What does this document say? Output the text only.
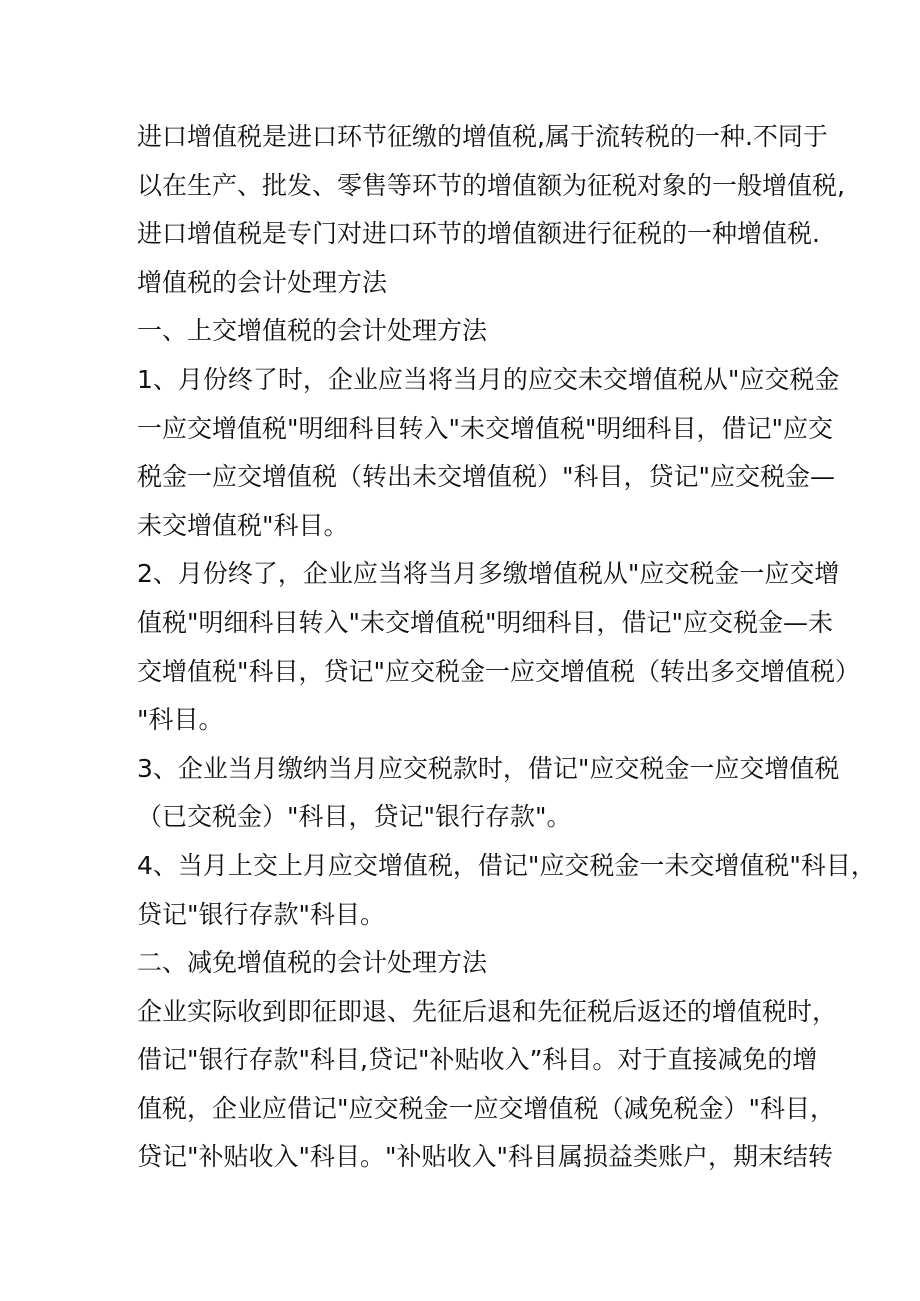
进口增值税是进口环节征缴的增值税,属于流转税的一种.不同于
以在生产、批发、零售等环节的增值额为征税对象的一般增值税,
进口增值税是专门对进口环节的增值额进行征税的一种增值税.
增值税的会计处理方法
一、上交增值税的会计处理方法
1、月份终了时，企业应当将当月的应交未交增值税从"应交税金
一应交增值税"明细科目转入"未交增值税"明细科目，借记"应交
税金一应交增值税（转出未交增值税）"科目，贷记"应交税金—
未交增值税"科目。
2、月份终了，企业应当将当月多缴增值税从"应交税金一应交增
值税"明细科目转入"未交增值税"明细科目，借记"应交税金—未
交增值税"科目，贷记"应交税金一应交增值税（转出多交增值税）
"科目。
3、企业当月缴纳当月应交税款时，借记"应交税金一应交增值税
（已交税金）"科目，贷记"银行存款"。
4、当月上交上月应交增值税，借记"应交税金一未交增值税"科目，
贷记"银行存款"科目。
二、减免增值税的会计处理方法
企业实际收到即征即退、先征后退和先征税后返还的增值税时，
借记"银行存款"科目,贷记"补贴收入”科目。对于直接减免的增
值税，企业应借记"应交税金一应交增值税（减免税金）"科目，
贷记"补贴收入"科目。"补贴收入"科目属损益类账户，期末结转
